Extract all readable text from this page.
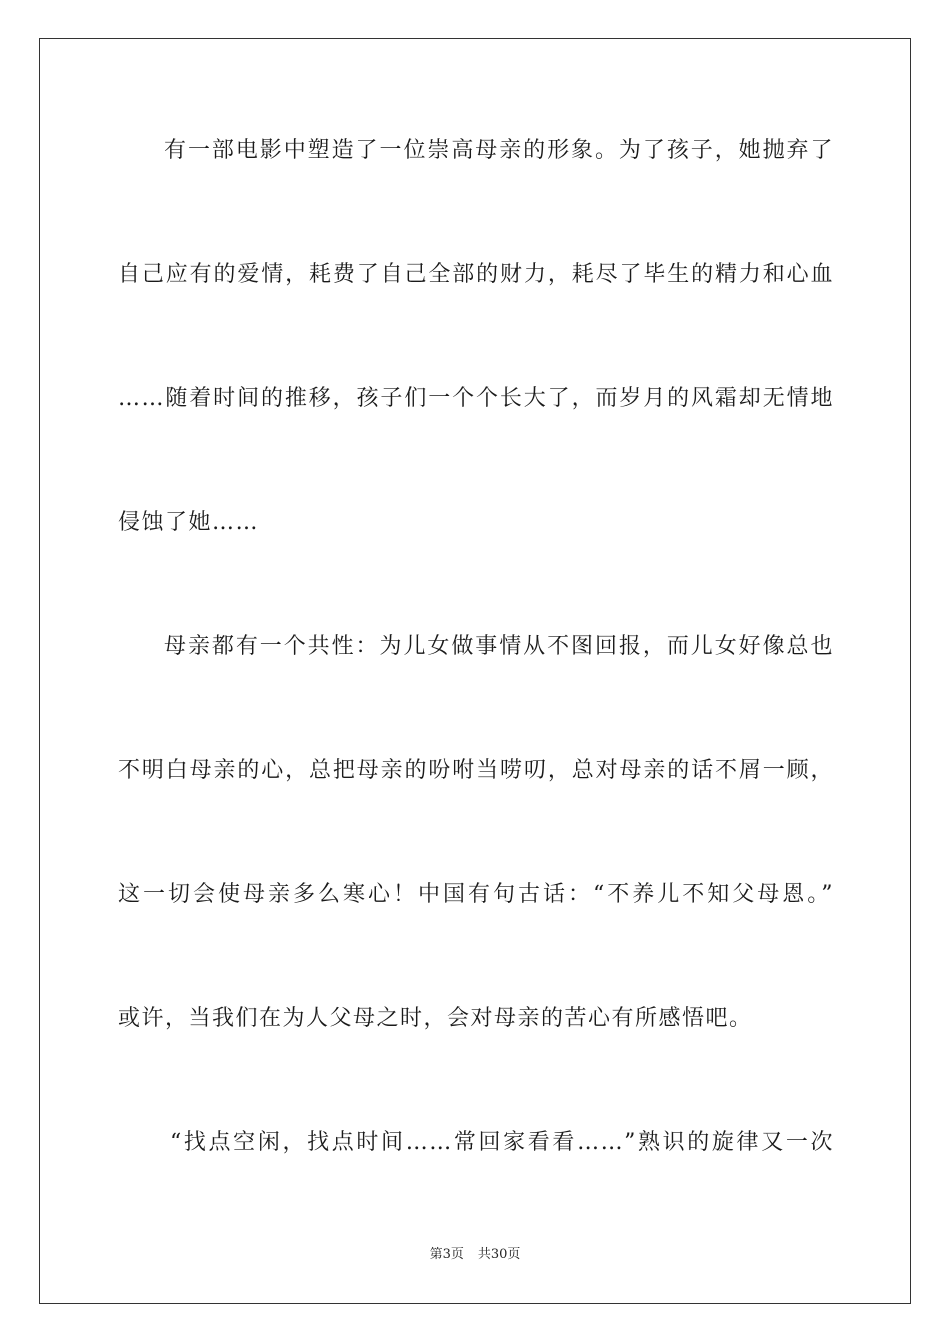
有一部电影中塑造了一位崇高母亲的形象。为了孩子，她抛弃了
自己应有的爱情，耗费了自己全部的财力，耗尽了毕生的精力和心血
……随着时间的推移，孩子们一个个长大了，而岁月的风霜却无情地
侵蚀了她……
母亲都有一个共性：为儿女做事情从不图回报，而儿女好像总也
不明白母亲的心，总把母亲的吩咐当唠叨，总对母亲的话不屑一顾，
这一切会使母亲多么寒心！中国有句古话：“不养儿不知父母恩。”
或许，当我们在为人父母之时，会对母亲的苦心有所感悟吧。
“找点空闲，找点时间……常回家看看……”熟识的旋律又一次
第3页 共30页
